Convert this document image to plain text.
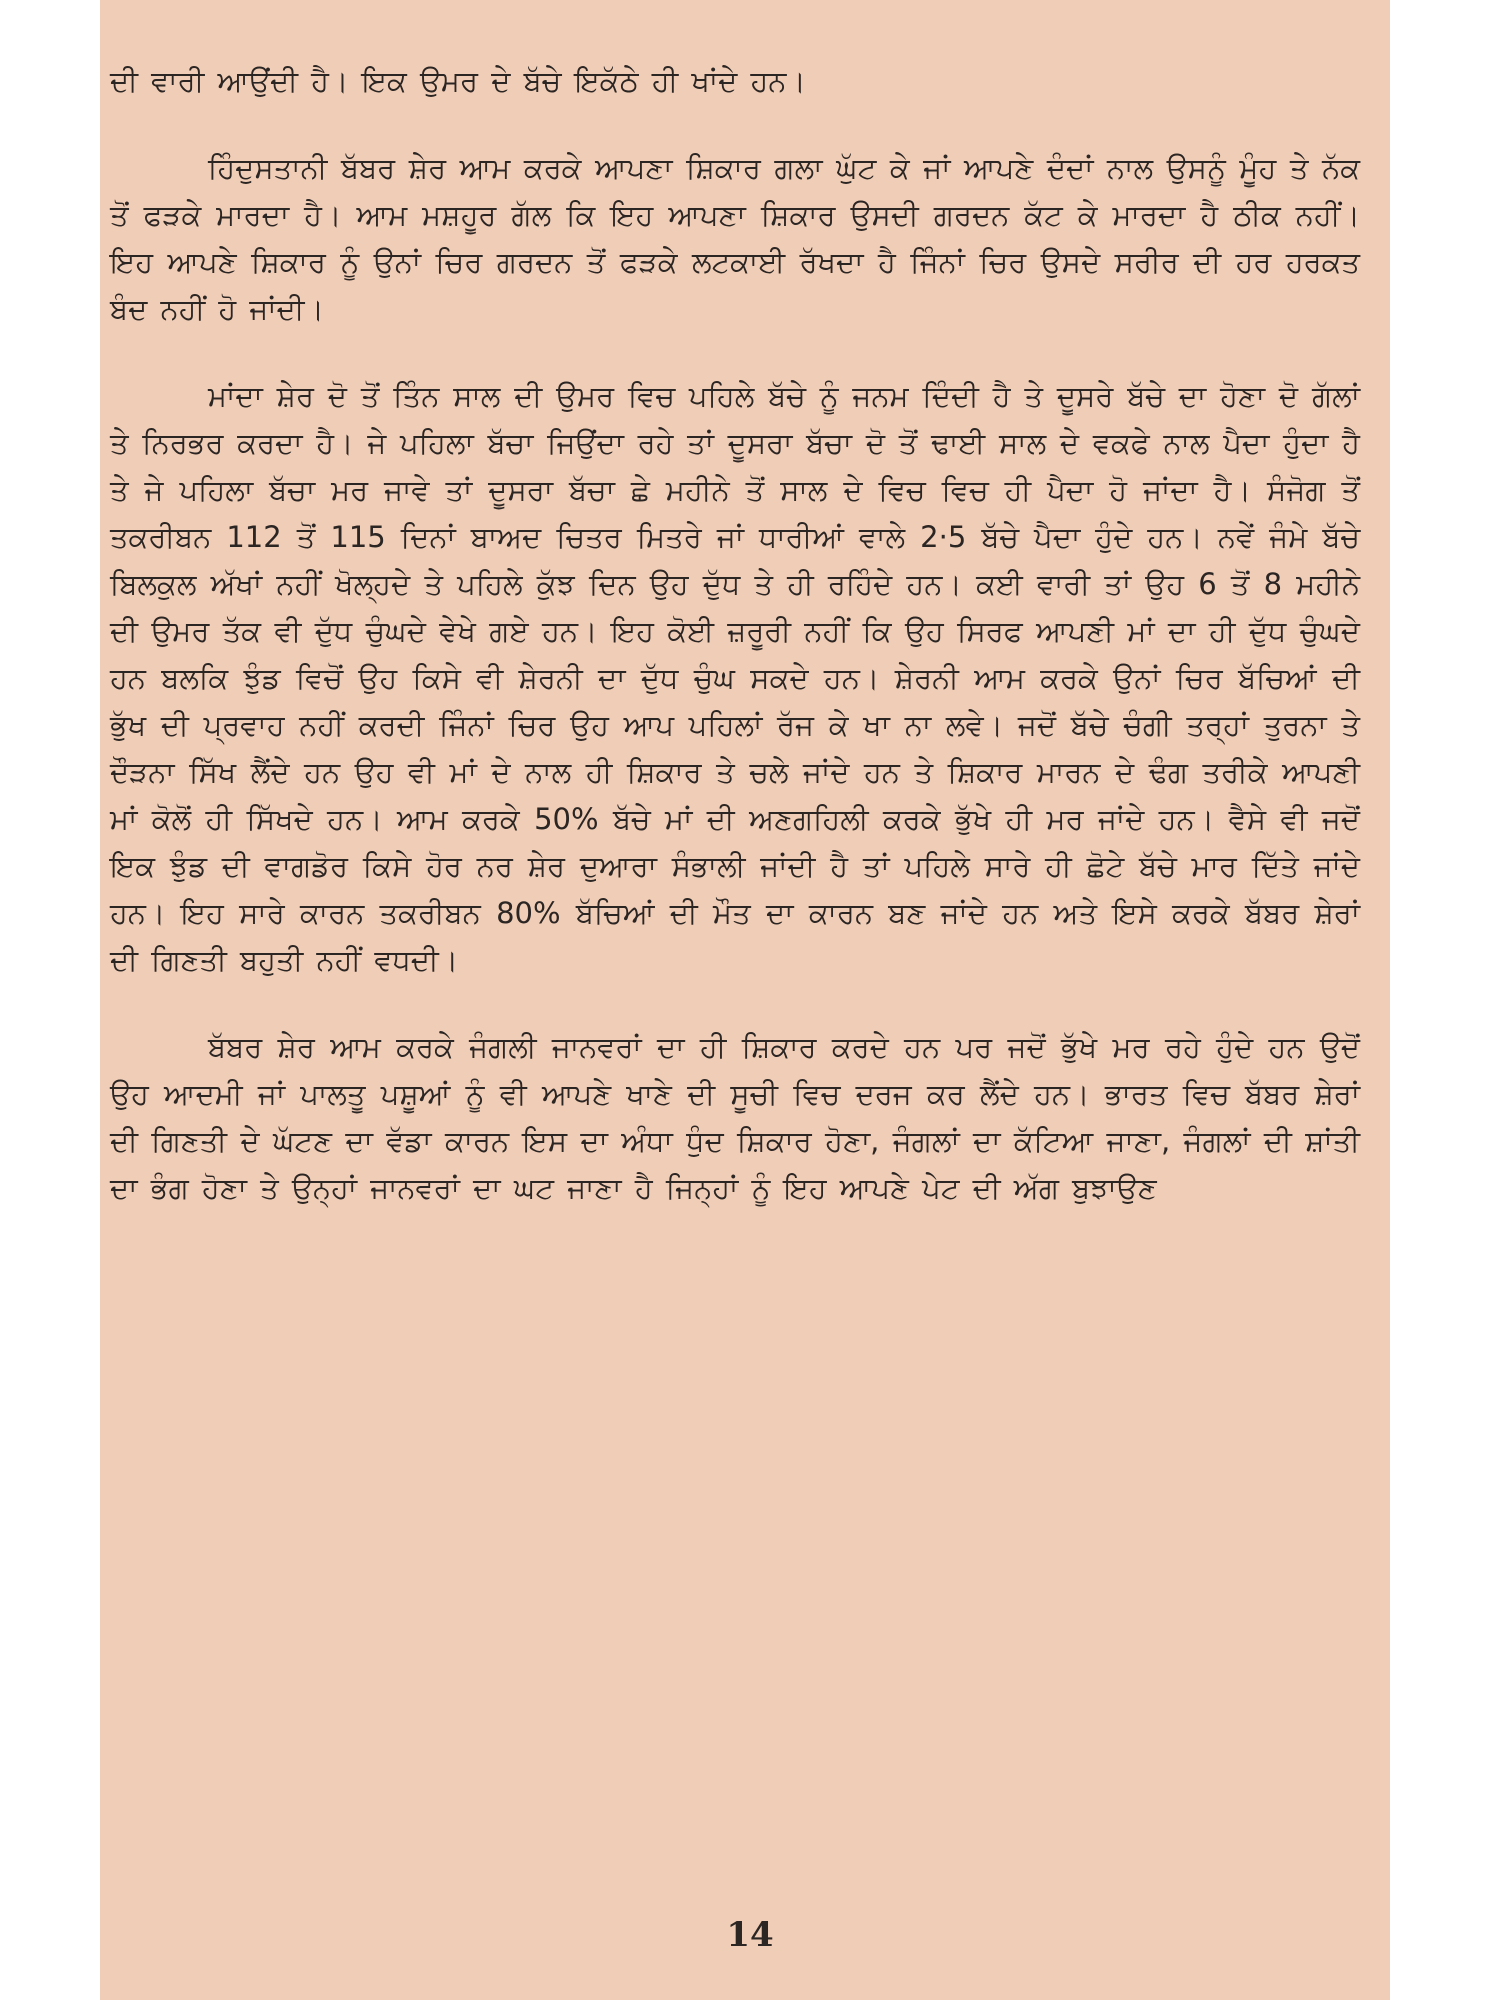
ਦੀ ਵਾਰੀ ਆਉਂਦੀ ਹੈ। ਇਕ ਉਮਰ ਦੇ ਬੱਚੇ ਇਕੱਠੇ ਹੀ ਖਾਂਦੇ ਹਨ।

ਹਿੰਦੁਸਤਾਨੀ ਬੱਬਰ ਸ਼ੇਰ ਆਮ ਕਰਕੇ ਆਪਣਾ ਸ਼ਿਕਾਰ ਗਲਾ ਘੁੱਟ ਕੇ ਜਾਂ ਆਪਣੇ ਦੰਦਾਂ ਨਾਲ ਉਸਨੂੰ ਮੂੰਹ ਤੇ ਨੱਕ ਤੋਂ ਫੜਕੇ ਮਾਰਦਾ ਹੈ। ਆਮ ਮਸ਼ਹੂਰ ਗੱਲ ਕਿ ਇਹ ਆਪਣਾ ਸ਼ਿਕਾਰ ਉਸਦੀ ਗਰਦਨ ਕੱਟ ਕੇ ਮਾਰਦਾ ਹੈ ਠੀਕ ਨਹੀਂ। ਇਹ ਆਪਣੇ ਸ਼ਿਕਾਰ ਨੂੰ ਉਨਾਂ ਚਿਰ ਗਰਦਨ ਤੋਂ ਫੜਕੇ ਲਟਕਾਈ ਰੱਖਦਾ ਹੈ ਜਿੰਨਾਂ ਚਿਰ ਉਸਦੇ ਸਰੀਰ ਦੀ ਹਰ ਹਰਕਤ ਬੰਦ ਨਹੀਂ ਹੋ ਜਾਂਦੀ।

ਮਾਂਦਾ ਸ਼ੇਰ ਦੋ ਤੋਂ ਤਿੰਨ ਸਾਲ ਦੀ ਉਮਰ ਵਿਚ ਪਹਿਲੇ ਬੱਚੇ ਨੂੰ ਜਨਮ ਦਿੰਦੀ ਹੈ ਤੇ ਦੂਸਰੇ ਬੱਚੇ ਦਾ ਹੋਣਾ ਦੋ ਗੱਲਾਂ ਤੇ ਨਿਰਭਰ ਕਰਦਾ ਹੈ। ਜੇ ਪਹਿਲਾ ਬੱਚਾ ਜਿਉਂਦਾ ਰਹੇ ਤਾਂ ਦੂਸਰਾ ਬੱਚਾ ਦੋ ਤੋਂ ਢਾਈ ਸਾਲ ਦੇ ਵਕਫੇ ਨਾਲ ਪੈਦਾ ਹੁੰਦਾ ਹੈ ਤੇ ਜੇ ਪਹਿਲਾ ਬੱਚਾ ਮਰ ਜਾਵੇ ਤਾਂ ਦੂਸਰਾ ਬੱਚਾ ਛੇ ਮਹੀਨੇ ਤੋਂ ਸਾਲ ਦੇ ਵਿਚ ਵਿਚ ਹੀ ਪੈਦਾ ਹੋ ਜਾਂਦਾ ਹੈ। ਸੰਜੋਗ ਤੋਂ ਤਕਰੀਬਨ 112 ਤੋਂ 115 ਦਿਨਾਂ ਬਾਅਦ ਚਿਤਰ ਮਿਤਰੇ ਜਾਂ ਧਾਰੀਆਂ ਵਾਲੇ 2·5 ਬੱਚੇ ਪੈਦਾ ਹੁੰਦੇ ਹਨ। ਨਵੇਂ ਜੰਮੇ ਬੱਚੇ ਬਿਲਕੁਲ ਅੱਖਾਂ ਨਹੀਂ ਖੋਲ੍ਹਦੇ ਤੇ ਪਹਿਲੇ ਕੁੱਝ ਦਿਨ ਉਹ ਦੁੱਧ ਤੇ ਹੀ ਰਹਿੰਦੇ ਹਨ। ਕਈ ਵਾਰੀ ਤਾਂ ਉਹ 6 ਤੋਂ 8 ਮਹੀਨੇ ਦੀ ਉਮਰ ਤੱਕ ਵੀ ਦੁੱਧ ਚੁੰਘਦੇ ਵੇਖੇ ਗਏ ਹਨ। ਇਹ ਕੋਈ ਜ਼ਰੂਰੀ ਨਹੀਂ ਕਿ ਉਹ ਸਿਰਫ ਆਪਣੀ ਮਾਂ ਦਾ ਹੀ ਦੁੱਧ ਚੁੰਘਦੇ ਹਨ ਬਲਕਿ ਝੁੰਡ ਵਿਚੋਂ ਉਹ ਕਿਸੇ ਵੀ ਸ਼ੇਰਨੀ ਦਾ ਦੁੱਧ ਚੁੰਘ ਸਕਦੇ ਹਨ। ਸ਼ੇਰਨੀ ਆਮ ਕਰਕੇ ਉਨਾਂ ਚਿਰ ਬੱਚਿਆਂ ਦੀ ਭੁੱਖ ਦੀ ਪ੍ਰਵਾਹ ਨਹੀਂ ਕਰਦੀ ਜਿੰਨਾਂ ਚਿਰ ਉਹ ਆਪ ਪਹਿਲਾਂ ਰੱਜ ਕੇ ਖਾ ਨਾ ਲਵੇ। ਜਦੋਂ ਬੱਚੇ ਚੰਗੀ ਤਰ੍ਹਾਂ ਤੁਰਨਾ ਤੇ ਦੌੜਨਾ ਸਿੱਖ ਲੈਂਦੇ ਹਨ ਉਹ ਵੀ ਮਾਂ ਦੇ ਨਾਲ ਹੀ ਸ਼ਿਕਾਰ ਤੇ ਚਲੇ ਜਾਂਦੇ ਹਨ ਤੇ ਸ਼ਿਕਾਰ ਮਾਰਨ ਦੇ ਢੰਗ ਤਰੀਕੇ ਆਪਣੀ ਮਾਂ ਕੋਲੋਂ ਹੀ ਸਿੱਖਦੇ ਹਨ। ਆਮ ਕਰਕੇ 50% ਬੱਚੇ ਮਾਂ ਦੀ ਅਣਗਹਿਲੀ ਕਰਕੇ ਭੁੱਖੇ ਹੀ ਮਰ ਜਾਂਦੇ ਹਨ। ਵੈਸੇ ਵੀ ਜਦੋਂ ਇਕ ਝੁੰਡ ਦੀ ਵਾਗਡੋਰ ਕਿਸੇ ਹੋਰ ਨਰ ਸ਼ੇਰ ਦੁਆਰਾ ਸੰਭਾਲੀ ਜਾਂਦੀ ਹੈ ਤਾਂ ਪਹਿਲੇ ਸਾਰੇ ਹੀ ਛੋਟੇ ਬੱਚੇ ਮਾਰ ਦਿੱਤੇ ਜਾਂਦੇ ਹਨ। ਇਹ ਸਾਰੇ ਕਾਰਨ ਤਕਰੀਬਨ 80% ਬੱਚਿਆਂ ਦੀ ਮੌਤ ਦਾ ਕਾਰਨ ਬਣ ਜਾਂਦੇ ਹਨ ਅਤੇ ਇਸੇ ਕਰਕੇ ਬੱਬਰ ਸ਼ੇਰਾਂ ਦੀ ਗਿਣਤੀ ਬਹੁਤੀ ਨਹੀਂ ਵਧਦੀ।

ਬੱਬਰ ਸ਼ੇਰ ਆਮ ਕਰਕੇ ਜੰਗਲੀ ਜਾਨਵਰਾਂ ਦਾ ਹੀ ਸ਼ਿਕਾਰ ਕਰਦੇ ਹਨ ਪਰ ਜਦੋਂ ਭੁੱਖੇ ਮਰ ਰਹੇ ਹੁੰਦੇ ਹਨ ਉਦੋਂ ਉਹ ਆਦਮੀ ਜਾਂ ਪਾਲਤੂ ਪਸ਼ੂਆਂ ਨੂੰ ਵੀ ਆਪਣੇ ਖਾਣੇ ਦੀ ਸੂਚੀ ਵਿਚ ਦਰਜ ਕਰ ਲੈਂਦੇ ਹਨ। ਭਾਰਤ ਵਿਚ ਬੱਬਰ ਸ਼ੇਰਾਂ ਦੀ ਗਿਣਤੀ ਦੇ ਘੱਟਣ ਦਾ ਵੱਡਾ ਕਾਰਨ ਇਸ ਦਾ ਅੰਧਾ ਧੁੰਦ ਸ਼ਿਕਾਰ ਹੋਣਾ, ਜੰਗਲਾਂ ਦਾ ਕੱਟਿਆ ਜਾਣਾ, ਜੰਗਲਾਂ ਦੀ ਸ਼ਾਂਤੀ ਦਾ ਭੰਗ ਹੋਣਾ ਤੇ ਉਨ੍ਹਾਂ ਜਾਨਵਰਾਂ ਦਾ ਘਟ ਜਾਣਾ ਹੈ ਜਿਨ੍ਹਾਂ ਨੂੰ ਇਹ ਆਪਣੇ ਪੇਟ ਦੀ ਅੱਗ ਬੁਝਾਉਣ

14
